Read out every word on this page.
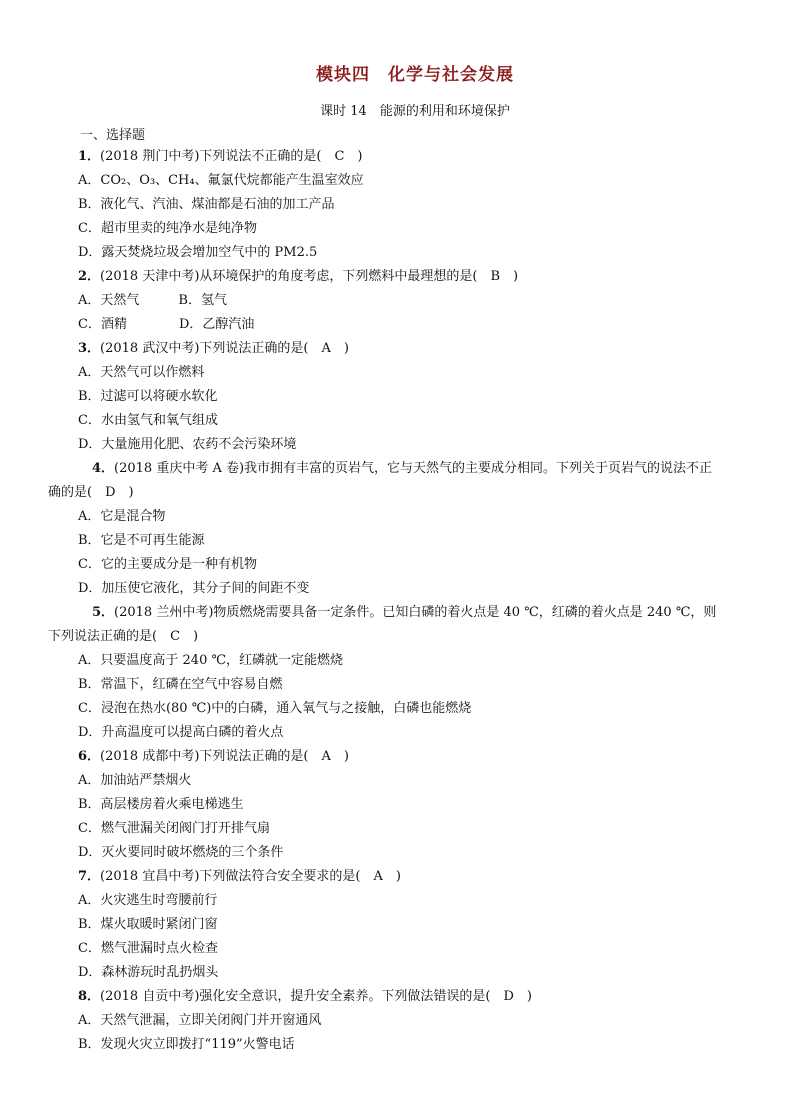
模块四　化学与社会发展
课时 14　能源的利用和环境保护
一、选择题
1．(2018 荆门中考)下列说法不正确的是(　C　)
A．CO₂、O₃、CH₄、氟氯代烷都能产生温室效应
B．液化气、汽油、煤油都是石油的加工产品
C．超市里卖的纯净水是纯净物
D．露天焚烧垃圾会增加空气中的 PM2.5
2．(2018 天津中考)从环境保护的角度考虑，下列燃料中最理想的是(　B　)
A．天然气　　　B．氢气
C．酒精　　　　D．乙醇汽油
3．(2018 武汉中考)下列说法正确的是(　A　)
A．天然气可以作燃料
B．过滤可以将硬水软化
C．水由氢气和氧气组成
D．大量施用化肥、农药不会污染环境
4．(2018 重庆中考 A 卷)我市拥有丰富的页岩气，它与天然气的主要成分相同。下列关于页岩气的说法不正
确的是(　D　)
A．它是混合物
B．它是不可再生能源
C．它的主要成分是一种有机物
D．加压使它液化，其分子间的间距不变
5．(2018 兰州中考)物质燃烧需要具备一定条件。已知白磷的着火点是 40 ℃，红磷的着火点是 240 ℃，则
下列说法正确的是(　C　)
A．只要温度高于 240 ℃，红磷就一定能燃烧
B．常温下，红磷在空气中容易自燃
C．浸泡在热水(80 ℃)中的白磷，通入氧气与之接触，白磷也能燃烧
D．升高温度可以提高白磷的着火点
6．(2018 成都中考)下列说法正确的是(　A　)
A．加油站严禁烟火
B．高层楼房着火乘电梯逃生
C．燃气泄漏关闭阀门打开排气扇
D．灭火要同时破坏燃烧的三个条件
7．(2018 宜昌中考)下列做法符合安全要求的是(　A　)
A．火灾逃生时弯腰前行
B．煤火取暖时紧闭门窗
C．燃气泄漏时点火检查
D．森林游玩时乱扔烟头
8．(2018 自贡中考)强化安全意识，提升安全素养。下列做法错误的是(　D　)
A．天然气泄漏，立即关闭阀门并开窗通风
B．发现火灾立即拨打“119”火警电话
